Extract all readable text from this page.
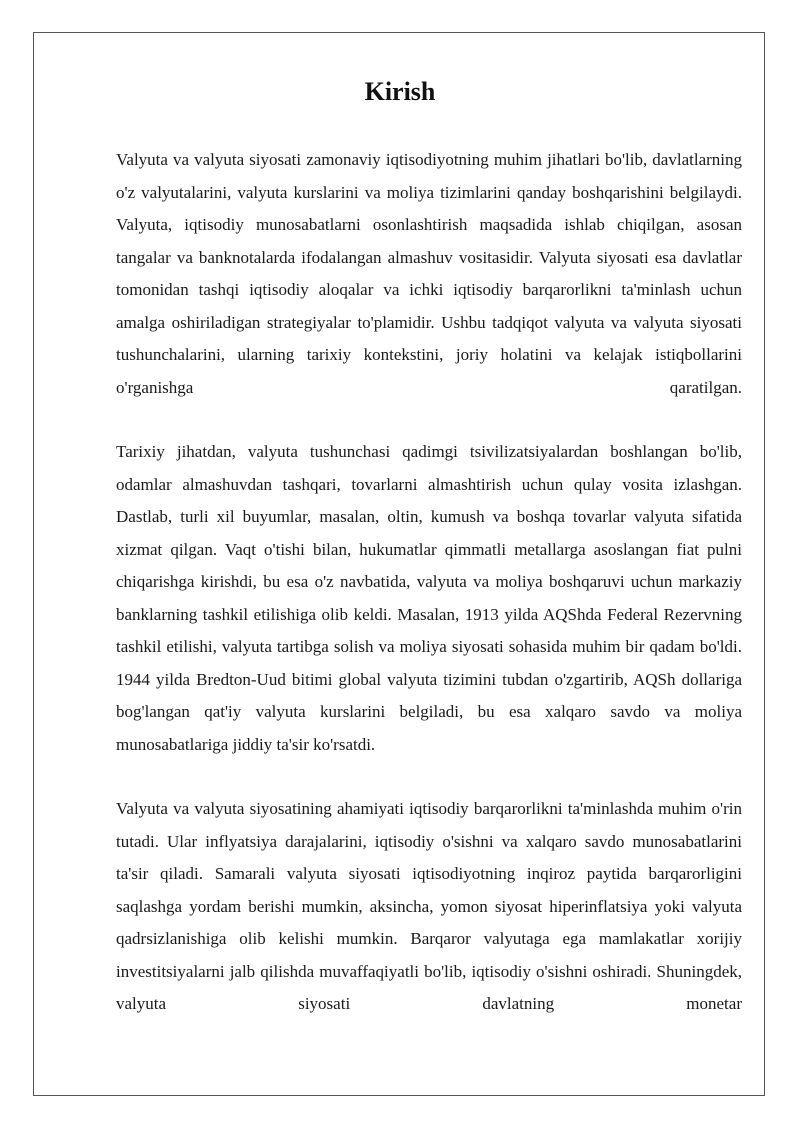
Kirish

Valyuta va valyuta siyosati zamonaviy iqtisodiyotning muhim jihatlari bo'lib, davlatlarning o'z valyutalarini, valyuta kurslarini va moliya tizimlarini qanday boshqarishini belgilaydi. Valyuta, iqtisodiy munosabatlarni osonlashtirish maqsadida ishlab chiqilgan, asosan tangalar va banknotalarda ifodalangan almashuv vositasidir. Valyuta siyosati esa davlatlar tomonidan tashqi iqtisodiy aloqalar va ichki iqtisodiy barqarorlikni ta'minlash uchun amalga oshiriladigan strategiyalar to'plamidir. Ushbu tadqiqot valyuta va valyuta siyosati tushunchalarini, ularning tarixiy kontekstini, joriy holatini va kelajak istiqbollarini o'rganishga qaratilgan.

Tarixiy jihatdan, valyuta tushunchasi qadimgi tsivilizatsiyalardan boshlangan bo'lib, odamlar almashuvdan tashqari, tovarlarni almashtirish uchun qulay vosita izlashgan. Dastlab, turli xil buyumlar, masalan, oltin, kumush va boshqa tovarlar valyuta sifatida xizmat qilgan. Vaqt o'tishi bilan, hukumatlar qimmatli metallarga asoslangan fiat pulni chiqarishga kirishdi, bu esa o'z navbatida, valyuta va moliya boshqaruvi uchun markaziy banklarning tashkil etilishiga olib keldi. Masalan, 1913 yilda AQShda Federal Rezervning tashkil etilishi, valyuta tartibga solish va moliya siyosati sohasida muhim bir qadam bo'ldi. 1944 yilda Bredton-Uud bitimi global valyuta tizimini tubdan o'zgartirib, AQSh dollariga bog'langan qat'iy valyuta kurslarini belgiladi, bu esa xalqaro savdo va moliya munosabatlariga jiddiy ta'sir ko'rsatdi.

Valyuta va valyuta siyosatining ahamiyati iqtisodiy barqarorlikni ta'minlashda muhim o'rin tutadi. Ular inflyatsiya darajalarini, iqtisodiy o'sishni va xalqaro savdo munosabatlarini ta'sir qiladi. Samarali valyuta siyosati iqtisodiyotning inqiroz paytida barqarorligini saqlashga yordam berishi mumkin, aksincha, yomon siyosat hiperinflatsiya yoki valyuta qadrsizlanishiga olib kelishi mumkin. Barqaror valyutaga ega mamlakatlar xorijiy investitsiyalarni jalb qilishda muvaffaqiyatli bo'lib, iqtisodiy o'sishni oshiradi. Shuningdek, valyuta siyosati davlatning monetar
